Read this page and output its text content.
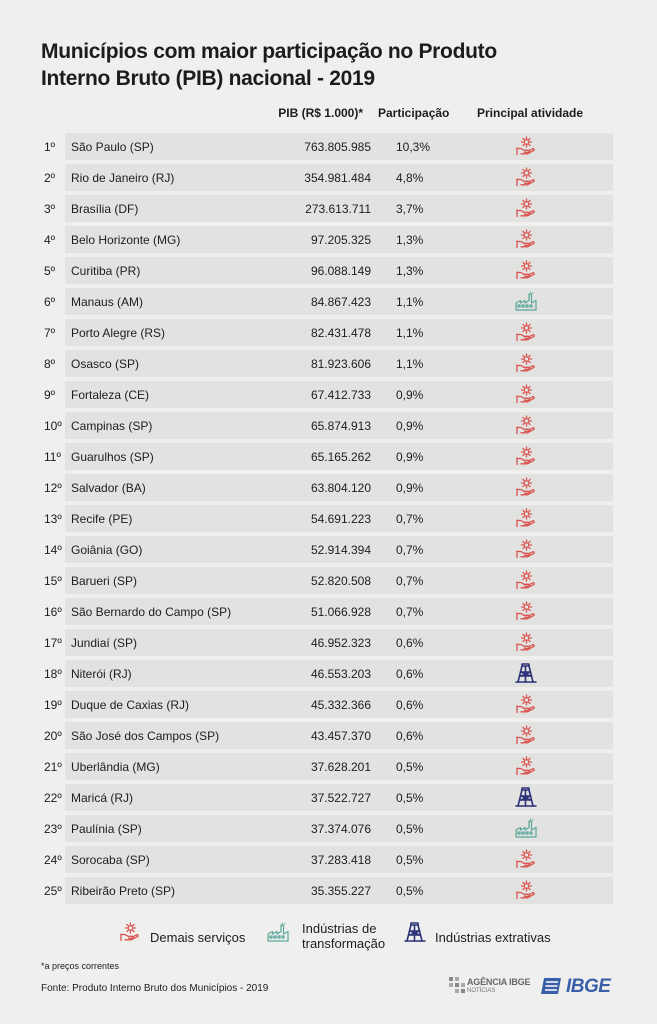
Municípios com maior participação no Produto
Interno Bruto (PIB) nacional - 2019
PIB (R$ 1.000)* Participação Principal atividade
1º	São Paulo (SP)	763.805.985 10,3%
2º	Rio de Janeiro (RJ)	354.981.484 4,8%
3º	Brasília (DF)	273.613.711 3,7%
4º	Belo Horizonte (MG)	97.205.325 1,3%
5º	Curitiba (PR)	96.088.149 1,3%
6º	Manaus (AM)	84.867.423 1,1%
7º	Porto Alegre (RS)	82.431.478 1,1%
8º	Osasco (SP)	81.923.606 1,1%
9º	Fortaleza (CE)	67.412.733 0,9%
10º Campinas (SP)	65.874.913 0,9%
11º Guarulhos (SP)	65.165.262 0,9%
12º Salvador (BA)	63.804.120 0,9%
13º Recife (PE)	54.691.223 0,7%
14º Goiânia (GO)	52.914.394 0,7%
15º Barueri (SP)	52.820.508 0,7%
16º São Bernardo do Campo (SP)	51.066.928 0,7%
17º Jundiaí (SP)	46.952.323 0,6%
18º Niterói (RJ)	46.553.203 0,6%
19º Duque de Caxias (RJ)	45.332.366 0,6%
20º São José dos Campos (SP)	43.457.370 0,6%
21º Uberlândia (MG)	37.628.201 0,5%
22º Maricá (RJ)	37.522.727 0,5%
23º Paulínia (SP)	37.374.076 0,5%
24º Sorocaba (SP)	37.283.418 0,5%
25º Ribeirão Preto (SP)	35.355.227 0,5%
Demais serviços
Indústrias de transformação	Indústrias extrativas
*a preços correntes
Fonte: Produto Interno Bruto dos Municípios - 2019
AGÊNCIA IBGE
NOTÍCIAS	IBGE
